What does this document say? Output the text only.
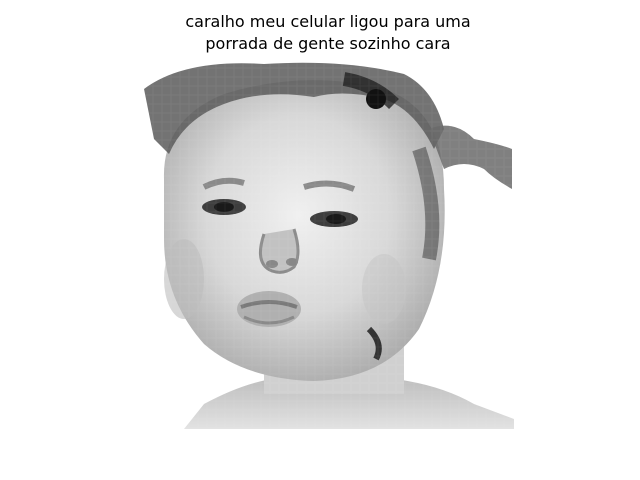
caralho meu celular ligou para uma
porrada de gente sozinho cara
